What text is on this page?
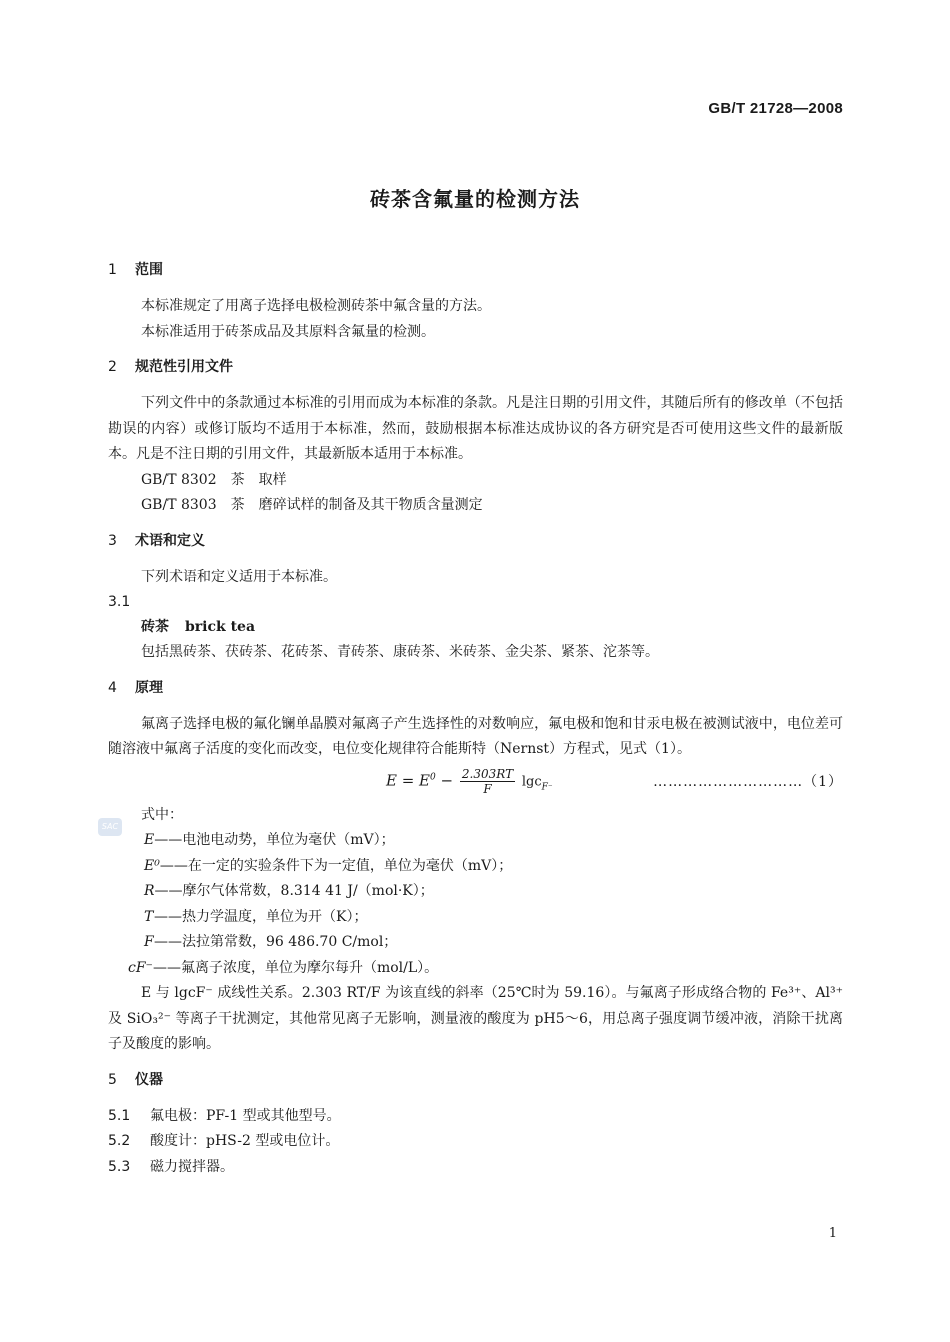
GB/T 21728—2008
砖茶含氟量的检测方法
SAC
1 范围

本标准规定了用离子选择电极检测砖茶中氟含量的方法。

本标准适用于砖茶成品及其原料含氟量的检测。

2 规范性引用文件

下列文件中的条款通过本标准的引用而成为本标准的条款。凡是注日期的引用文件，其随后所有的修改单（不包括勘误的内容）或修订版均不适用于本标准，然而，鼓励根据本标准达成协议的各方研究是否可使用这些文件的最新版本。凡是不注日期的引用文件，其最新版本适用于本标准。

GB/T 8302 茶 取样

GB/T 8303 茶 磨碎试样的制备及其干物质含量测定

3 术语和定义

下列术语和定义适用于本标准。

3.1
砖茶 brick tea

包括黑砖茶、茯砖茶、花砖茶、青砖茶、康砖茶、米砖茶、金尖茶、紧茶、沱茶等。

4 原理

氟离子选择电极的氟化镧单晶膜对氟离子产生选择性的对数响应，氟电极和饱和甘汞电极在被测试液中，电位差可随溶液中氟离子活度的变化而改变，电位变化规律符合能斯特（Nernst）方程式，见式（1）。

$E = E^0 - \frac{2.303RT}{F} \lg c_{F^-}$	…………………………（1）

式中：

E——电池电动势，单位为毫伏（mV）；

E⁰——在一定的实验条件下为一定值，单位为毫伏（mV）；

R——摩尔气体常数，8.314 41 J/（mol·K）；

T——热力学温度，单位为开（K）；

F——法拉第常数，96 486.70 C/mol；

cF⁻——氟离子浓度，单位为摩尔每升（mol/L）。

E 与 lgcF⁻ 成线性关系。2.303 RT/F 为该直线的斜率（25℃时为 59.16）。与氟离子形成络合物的 Fe³⁺、Al³⁺ 及 SiO₃²⁻ 等离子干扰测定，其他常见离子无影响，测量液的酸度为 pH5～6，用总离子强度调节缓冲液，消除干扰离子及酸度的影响。

5 仪器

5.1 氟电极：PF-1 型或其他型号。

5.2 酸度计：pHS-2 型或电位计。

5.3 磁力搅拌器。

1
